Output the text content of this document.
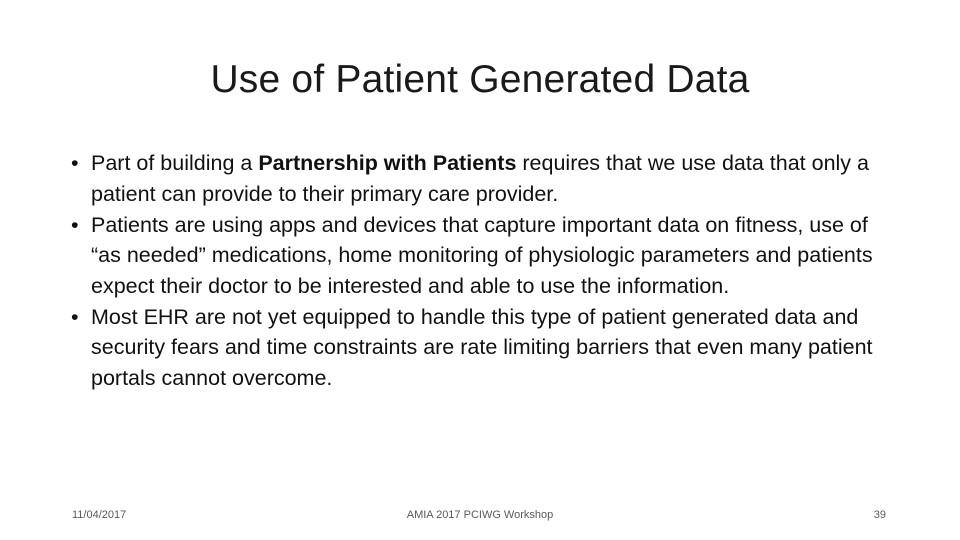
Use of Patient Generated Data
• Part of building a Partnership with Patients requires that we use data that only a patient can provide to their primary care provider.
• Patients are using apps and devices that capture important data on fitness, use of “as needed” medications, home monitoring of physiologic parameters and patients expect their doctor to be interested and able to use the information.
• Most EHR are not yet equipped to handle this type of patient generated data and security fears and time constraints are rate limiting barriers that even many patient portals cannot overcome.
11/04/2017	AMIA 2017 PCIWG Workshop	39
